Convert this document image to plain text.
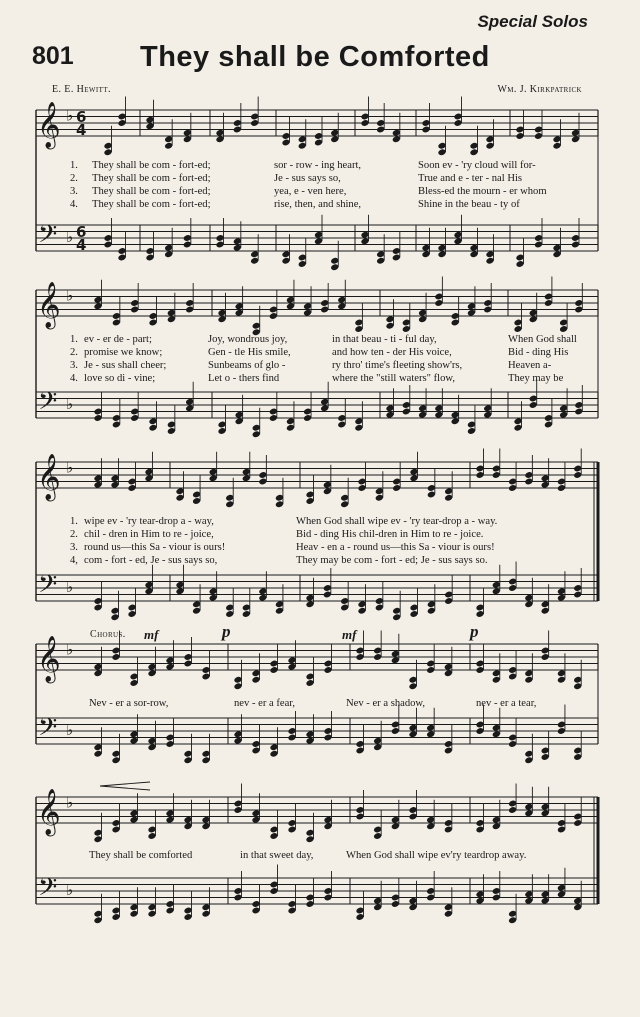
Special Solos
801 They shall be Comforted
E. E. Hewitt.	Wm. J. Kirkpatrick
𝄞 ♭ 6
4
𝄢 ♭ 6
4
𝄞 ♭
𝄢 ♭
𝄞 ♭
𝄢 ♭
𝄞 ♭
𝄢 ♭
𝄞 ♭
𝄢 ♭
1. They shall be com - fort-ed;	sor - row - ing heart,	Soon ev - 'ry cloud will for-
2. They shall be com - fort-ed;	Je - sus says so,	True and e - ter - nal His
3. They shall be com - fort-ed;	yea, e - ven here,	Bless-ed the mourn - er whom
4. They shall be com - fort-ed;	rise, then, and shine,	Shine in the beau - ty of
1. ev - er de - part;	Joy, wondrous joy,	in that beau - ti - ful day,	When God shall
2. promise we know;	Gen - tle His smile,	and how ten - der His voice,	Bid - ding His
3. Je - sus shall cheer;	Sunbeams of glo -	ry thro' time's fleeting show'rs,	Heaven a-
4. love so di - vine;	Let o - thers find	where the "still waters" flow,	They may be
1. wipe ev - 'ry tear-drop a - way,	When God shall wipe ev - 'ry tear-drop a - way.
2. chil - dren in Him to re - joice,	Bid - ding His chil-dren in Him to re - joice.
3. round us—this Sa - viour is ours!	Heav - en a - round us—this Sa - viour is ours!
4, com - fort - ed, Je - sus says so,	They may be com - fort - ed; Je - sus says so.
Chorus. mf	p	mf	p
Nev - er a sor-row,	nev - er a fear,	Nev - er a shadow,	nev - er a tear,
They shall be comforted	in that sweet day,	When God shall wipe ev'ry teardrop away.
